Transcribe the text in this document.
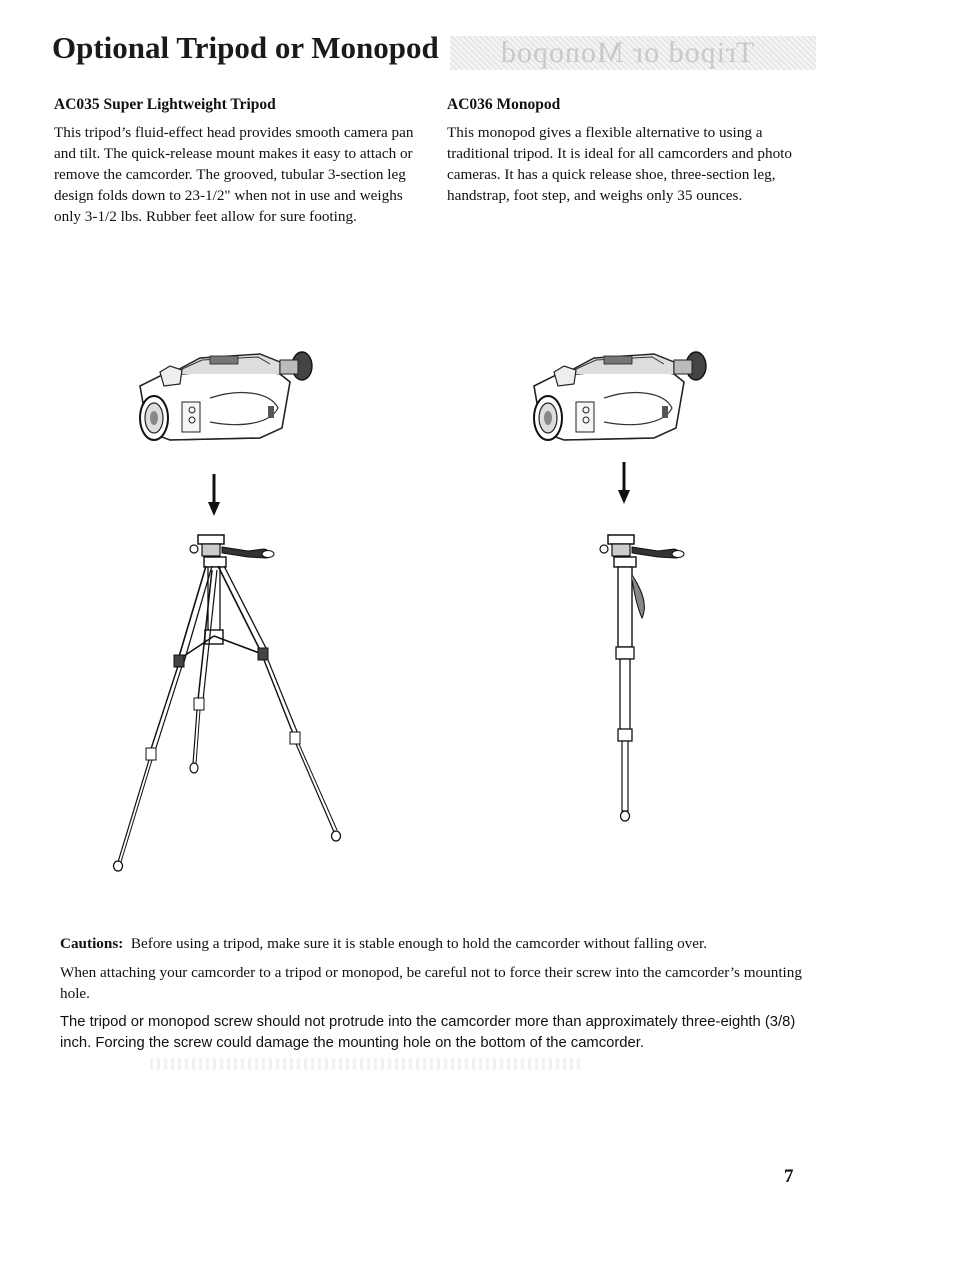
Tripod or Monopod
Optional Tripod or Monopod
AC035 Super Lightweight Tripod

This tripod’s fluid-effect head provides smooth camera pan and tilt. The quick-release mount makes it easy to attach or remove the camcorder. The grooved, tubular 3-section leg design folds down to 23-1/2" when not in use and weighs only 3-1/2 lbs. Rubber feet allow for sure footing.

AC036 Monopod

This monopod gives a flexible alternative to using a traditional tripod. It is ideal for all camcorders and photo cameras. It has a quick release shoe, three-section leg, handstrap, foot step, and weighs only 35 ounces.

Cautions: Before using a tripod, make sure it is stable enough to hold the camcorder without falling over.

When attaching your camcorder to a tripod or monopod, be careful not to force their screw into the camcorder’s mounting hole.

The tripod or monopod screw should not protrude into the camcorder more than approximately three-eighth (3/8) inch. Forcing the screw could damage the mounting hole on the bottom of the camcorder.

7
